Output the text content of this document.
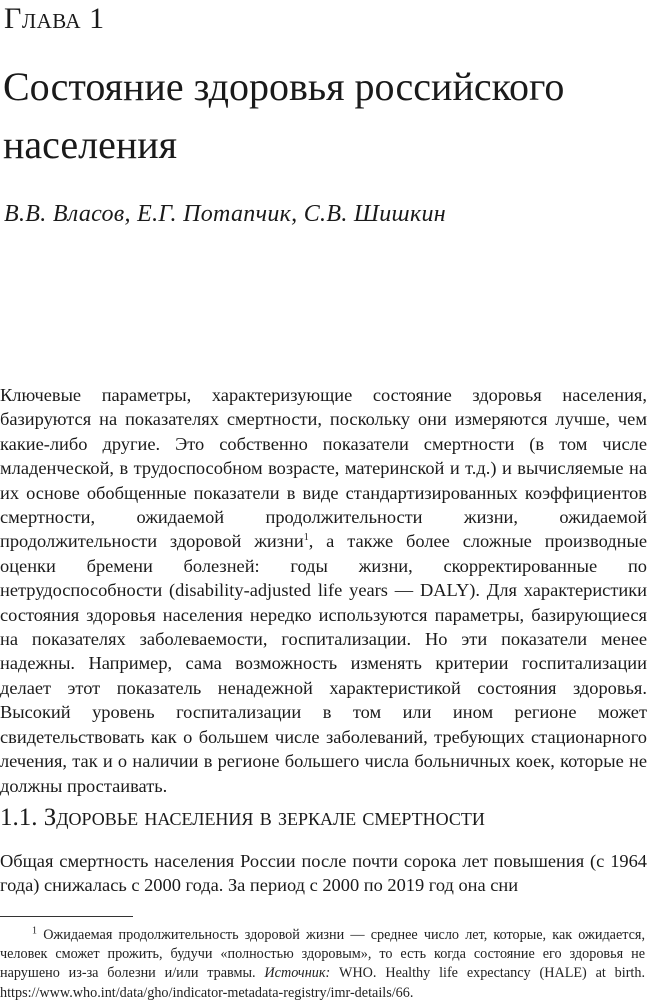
Глава 1
Состояние здоровья российского населения

В.В. Власов, Е.Г. Потапчик, С.В. Шишкин

Ключевые параметры, характеризующие состояние здоровья населения, базируются на показателях смертности, поскольку они измеряются лучше, чем какие-либо другие. Это собственно показатели смертности (в том числе младенческой, в трудоспособном возрасте, материнской и т.д.) и вычисляемые на их основе обобщенные показатели в виде стандартизированных коэффициентов смертности, ожидаемой продолжительности жизни, ожидаемой продолжительности здоровой жизни$^1$, а также более сложные производные оценки бремени болезней: годы жизни, скорректированные по нетрудоспособности (disability-adjusted life years — DALY). Для характеристики состояния здоровья населения нередко используются параметры, базирующиеся на показателях заболеваемости, госпитализации. Но эти показатели менее надежны. Например, сама возможность изменять критерии госпитализации делает этот показатель ненадежной характеристикой состояния здоровья. Высокий уровень госпитализации в том или ином регионе может свидетельствовать как о большем числе заболеваний, требующих стационарного лечения, так и о наличии в регионе большего числа больничных коек, которые не должны простаивать.

1.1. Здоровье населения в зеркале смертности

Общая смертность населения России после почти сорока лет повышения (с 1964 года) снижалась с 2000 года. За период с 2000 по 2019 год она сни

$^1$ Ожидаемая продолжительность здоровой жизни — среднее число лет, которые, как ожидается, человек сможет прожить, будучи «полностью здоровым», то есть когда состояние его здоровья не нарушено из-за болезни и/или травмы. Источник: WHO. Healthy life expectancy (HALE) at birth. https://www.who.int/data/gho/indicator-metadata-registry/imr-details/66.
